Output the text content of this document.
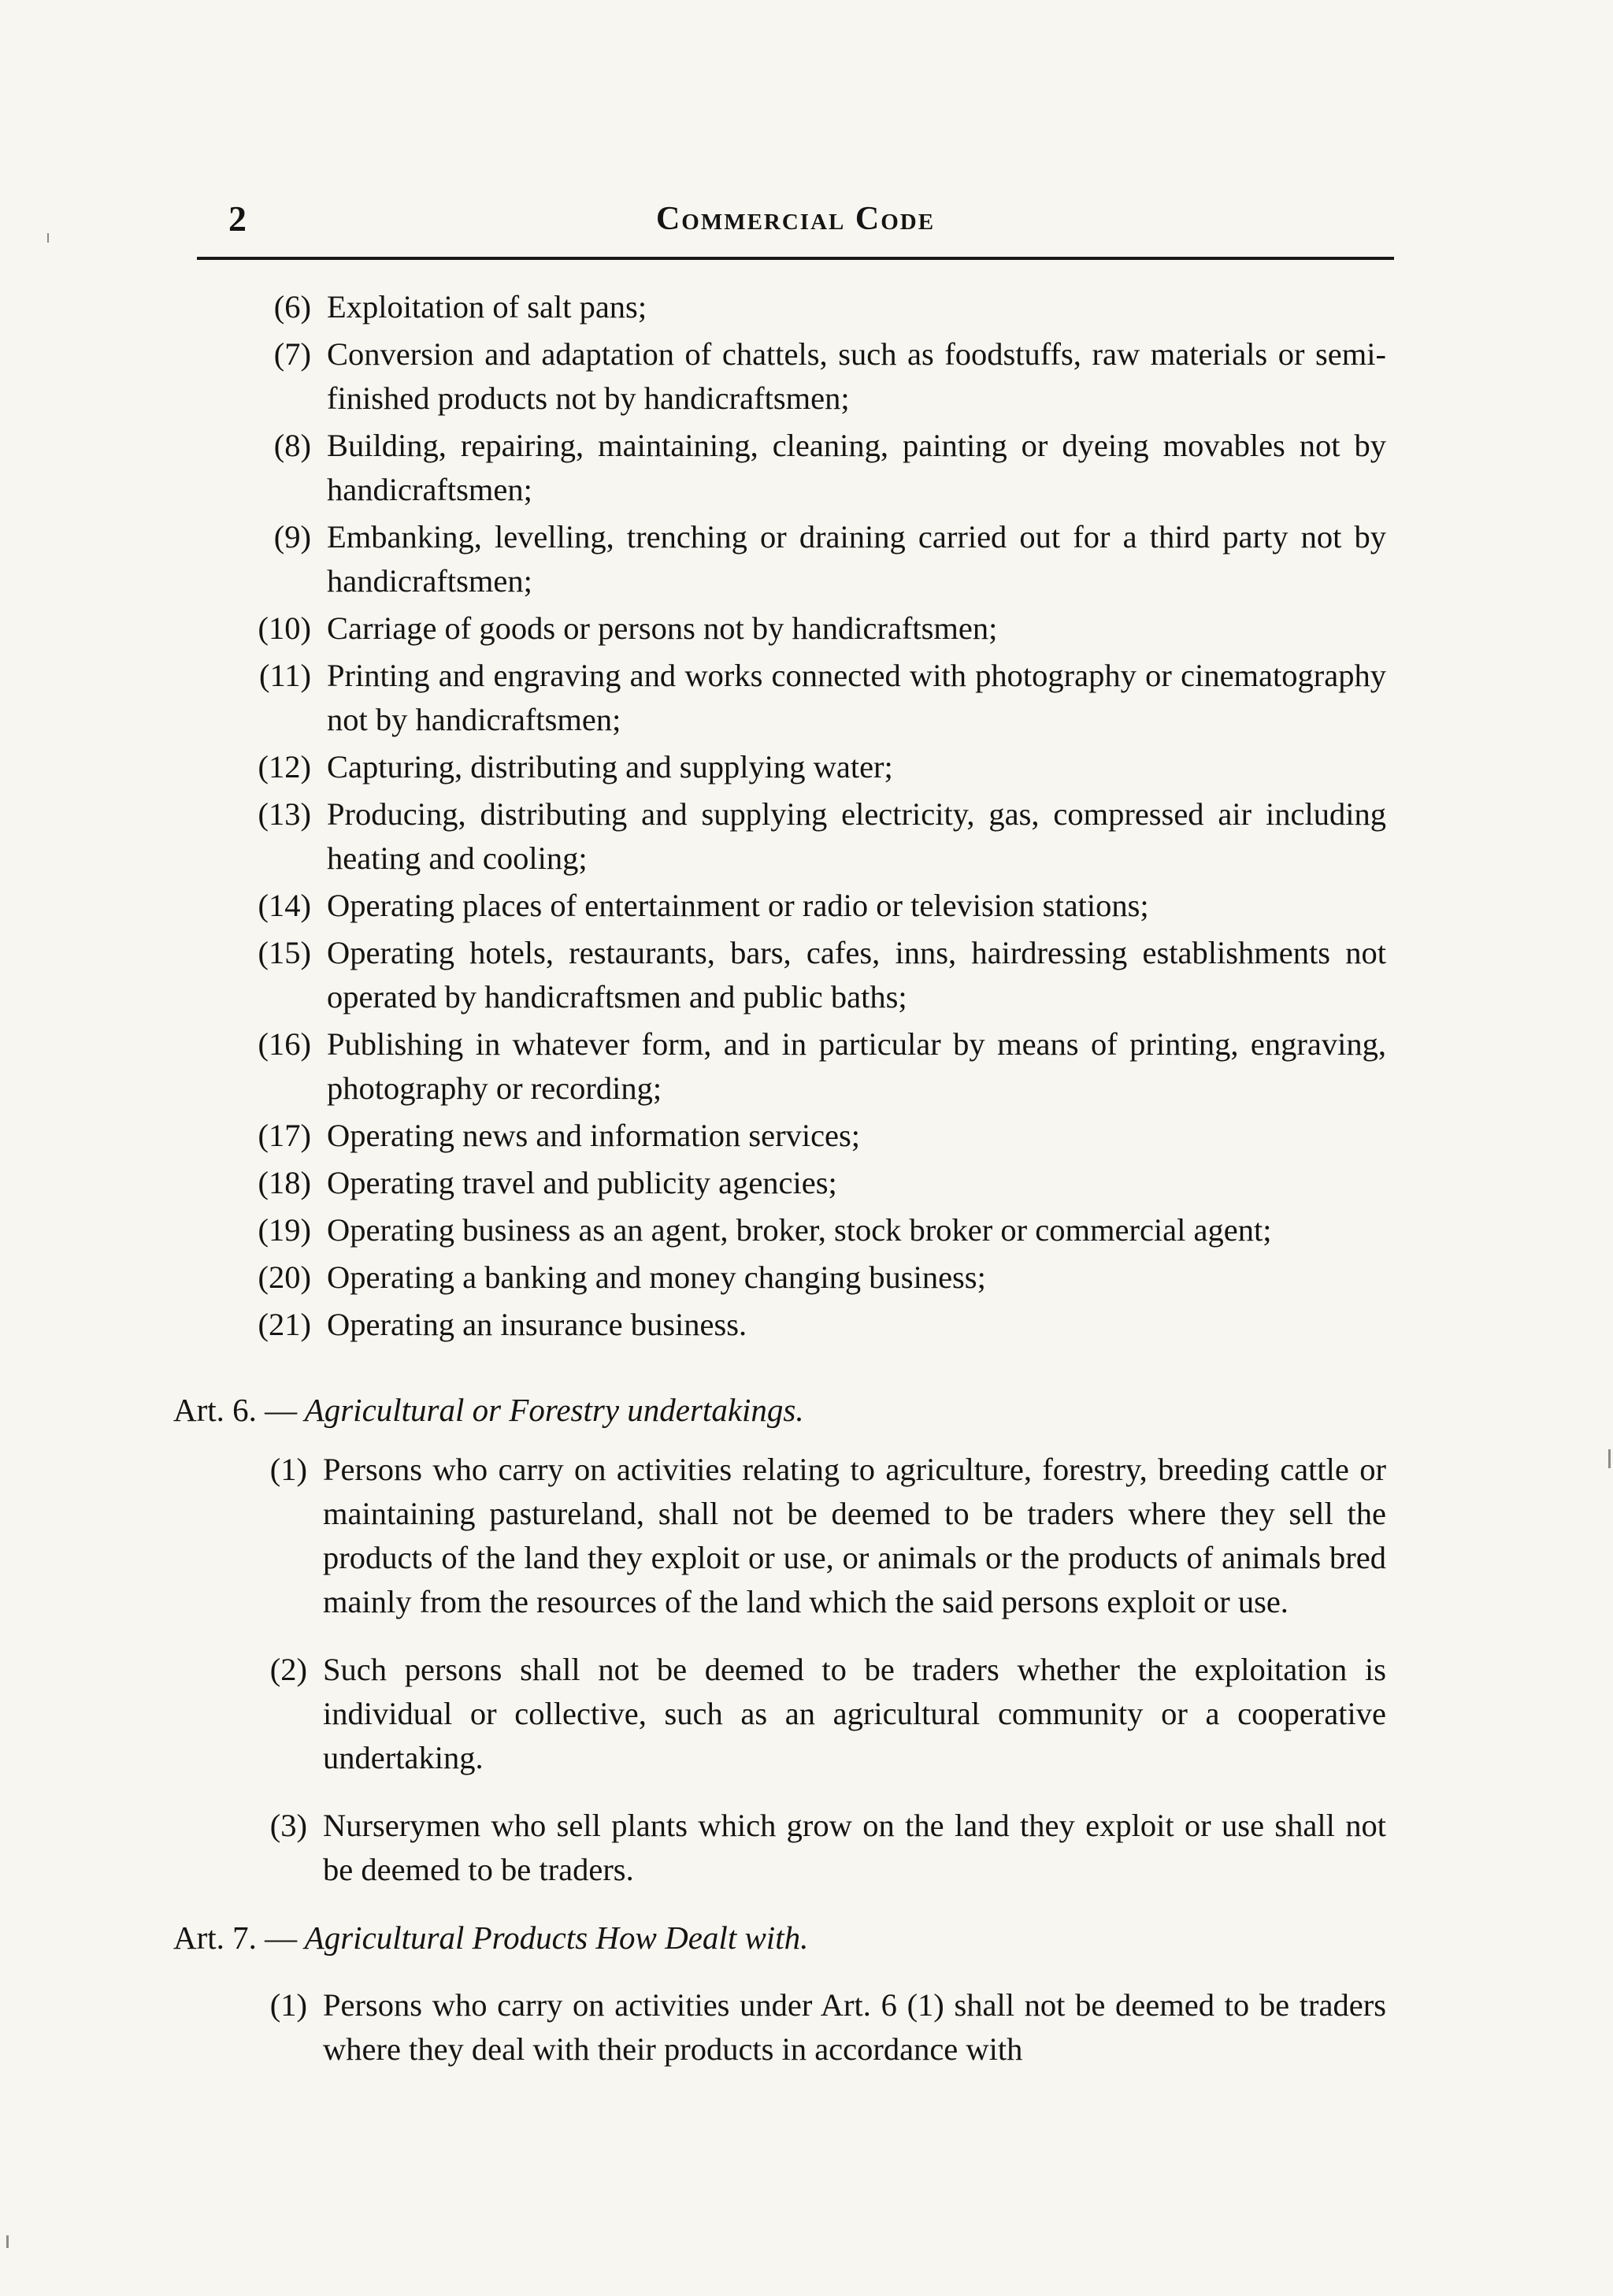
2	Commercial Code
(6) Exploitation of salt pans;
(7) Conversion and adaptation of chattels, such as foodstuffs, raw materials or semi-finished products not by handicraftsmen;
(8) Building, repairing, maintaining, cleaning, painting or dyeing movables not by handicraftsmen;
(9) Embanking, levelling, trenching or draining carried out for a third party not by handicraftsmen;
(10) Carriage of goods or persons not by handicraftsmen;
(11) Printing and engraving and works connected with photography or cinematography not by handicraftsmen;
(12) Capturing, distributing and supplying water;
(13) Producing, distributing and supplying electricity, gas, compressed air including heating and cooling;
(14) Operating places of entertainment or radio or television stations;
(15) Operating hotels, restaurants, bars, cafes, inns, hairdressing establishments not operated by handicraftsmen and public baths;
(16) Publishing in whatever form, and in particular by means of printing, engraving, photography or recording;
(17) Operating news and information services;
(18) Operating travel and publicity agencies;
(19) Operating business as an agent, broker, stock broker or commercial agent;
(20) Operating a banking and money changing business;
(21) Operating an insurance business.
Art. 6. — Agricultural or Forestry undertakings.
(1) Persons who carry on activities relating to agriculture, forestry, breeding cattle or maintaining pastureland, shall not be deemed to be traders where they sell the products of the land they exploit or use, or animals or the products of animals bred mainly from the resources of the land which the said persons exploit or use.
(2) Such persons shall not be deemed to be traders whether the exploitation is individual or collective, such as an agricultural community or a cooperative undertaking.
(3) Nurserymen who sell plants which grow on the land they exploit or use shall not be deemed to be traders.
Art. 7. — Agricultural Products How Dealt with.
(1) Persons who carry on activities under Art. 6 (1) shall not be deemed to be traders where they deal with their products in accordance with
